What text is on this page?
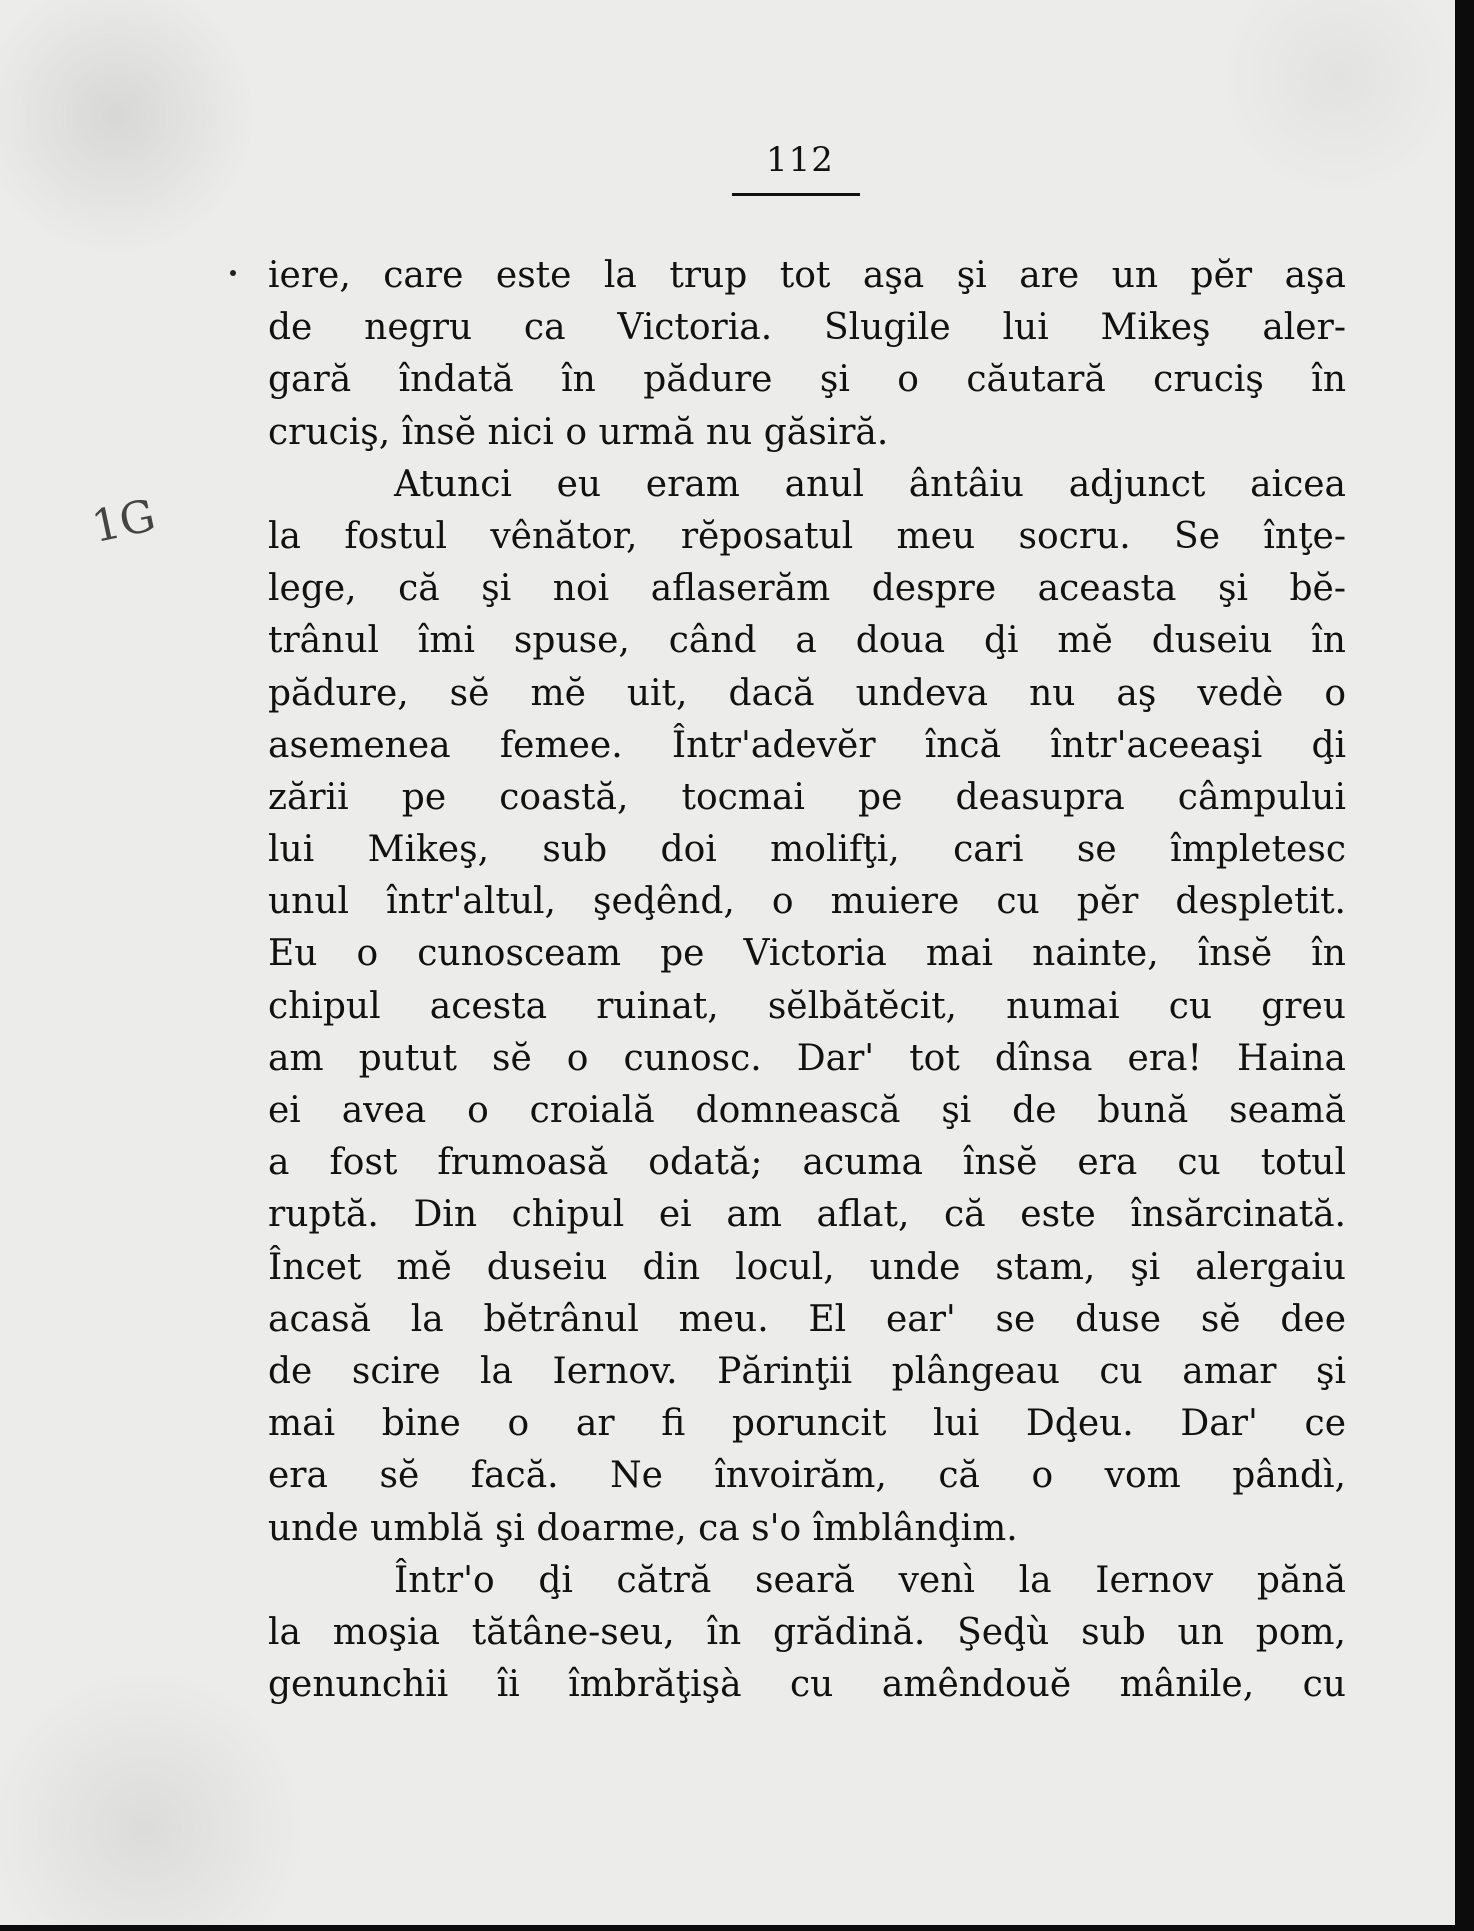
112
1G
iere, care este la trup tot aşa şi are un pĕr aşa
de negru ca Victoria. Slugile lui Mikeş aler-
gară îndată în pădure şi o căutară cruciş în
cruciş, însĕ nici o urmă nu găsiră.
Atunci eu eram anul ântâiu adjunct aicea
la fostul vênător, rĕposatul meu socru. Se înţe-
lege, că şi noi aflaserăm despre aceasta şi bĕ-
trânul îmi spuse, când a doua ḑi mĕ duseiu în
pădure, sĕ mĕ uit, dacă undeva nu aş vedè o
asemenea femee. Într'adevĕr încă într'aceeaşi ḑi
zării pe coastă, tocmai pe deasupra câmpului
lui Mikeş, sub doi molifţi, cari se împletesc
unul într'altul, şeḑênd, o muiere cu pĕr despletit.
Eu o cunosceam pe Victoria mai nainte, însĕ în
chipul acesta ruinat, sĕlbătĕcit, numai cu greu
am putut sĕ o cunosc. Dar' tot dînsa era! Haina
ei avea o croială domnească şi de bună seamă
a fost frumoasă odată; acuma însĕ era cu totul
ruptă. Din chipul ei am aflat, că este însărcinată.
Încet mĕ duseiu din locul, unde stam, şi alergaiu
acasă la bĕtrânul meu. El ear' se duse sĕ dee
de scire la Iernov. Părinţii plângeau cu amar şi
mai bine o ar fi poruncit lui Dḑeu. Dar' ce
era sĕ facă. Ne învoirăm, că o vom pândì,
unde umblă şi doarme, ca s'o îmblânḑim.
Într'o ḑi cătră seară venì la Iernov pănă
la moşia tătâne-seu, în grădină. Şeḑù sub un pom,
genunchii îi îmbrăţişà cu amêndouĕ mânile, cu
